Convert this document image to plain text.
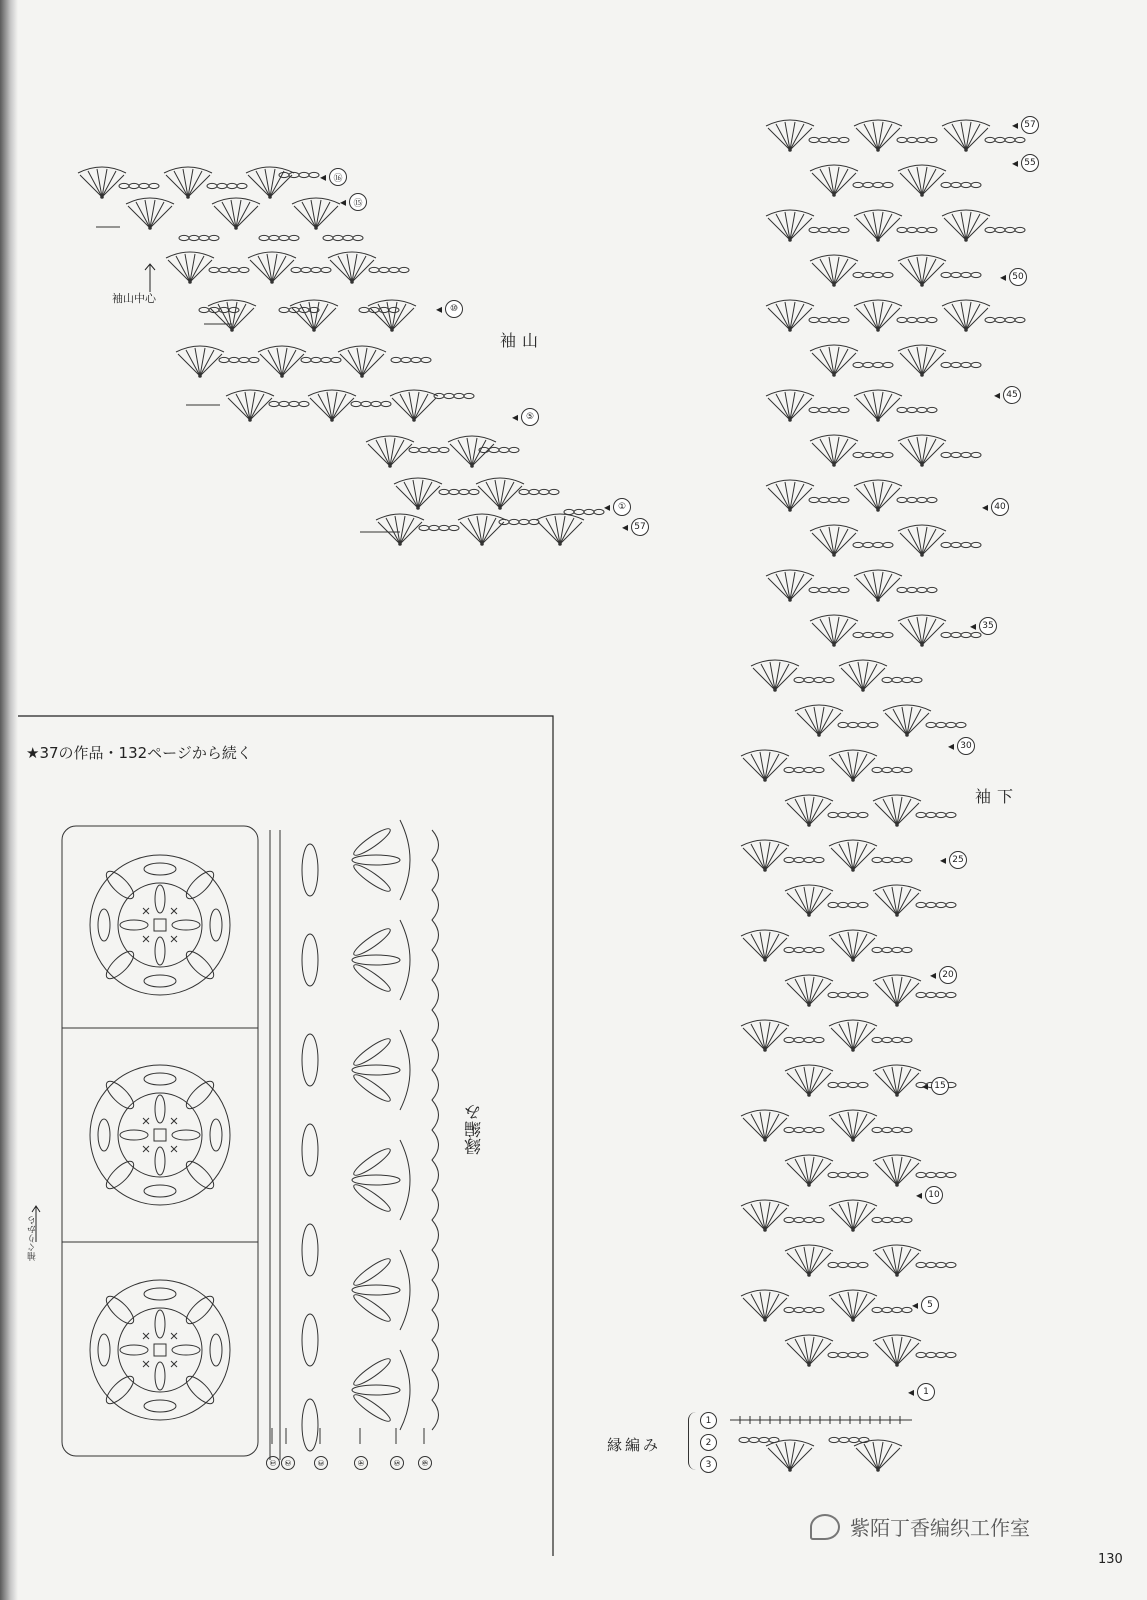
袖山
袖山中心
◂ ⑯
◂ ⑮
◂ ⑩
◂ ⑤
◂ ①
◂ 57
袖下
◂ 57
◂ 55
◂ 50
◂ 45
◂ 40
◂ 35
◂ 30
◂ 25
◂ 20
◂ 15
◂ 10
◂	5
◂	1
★37の作品・132ページから続く
縁編み
袖ぐりから
① ②	③	④	⑤	⑥
縁編み
1
2
3
紫陌丁香编织工作室
130
